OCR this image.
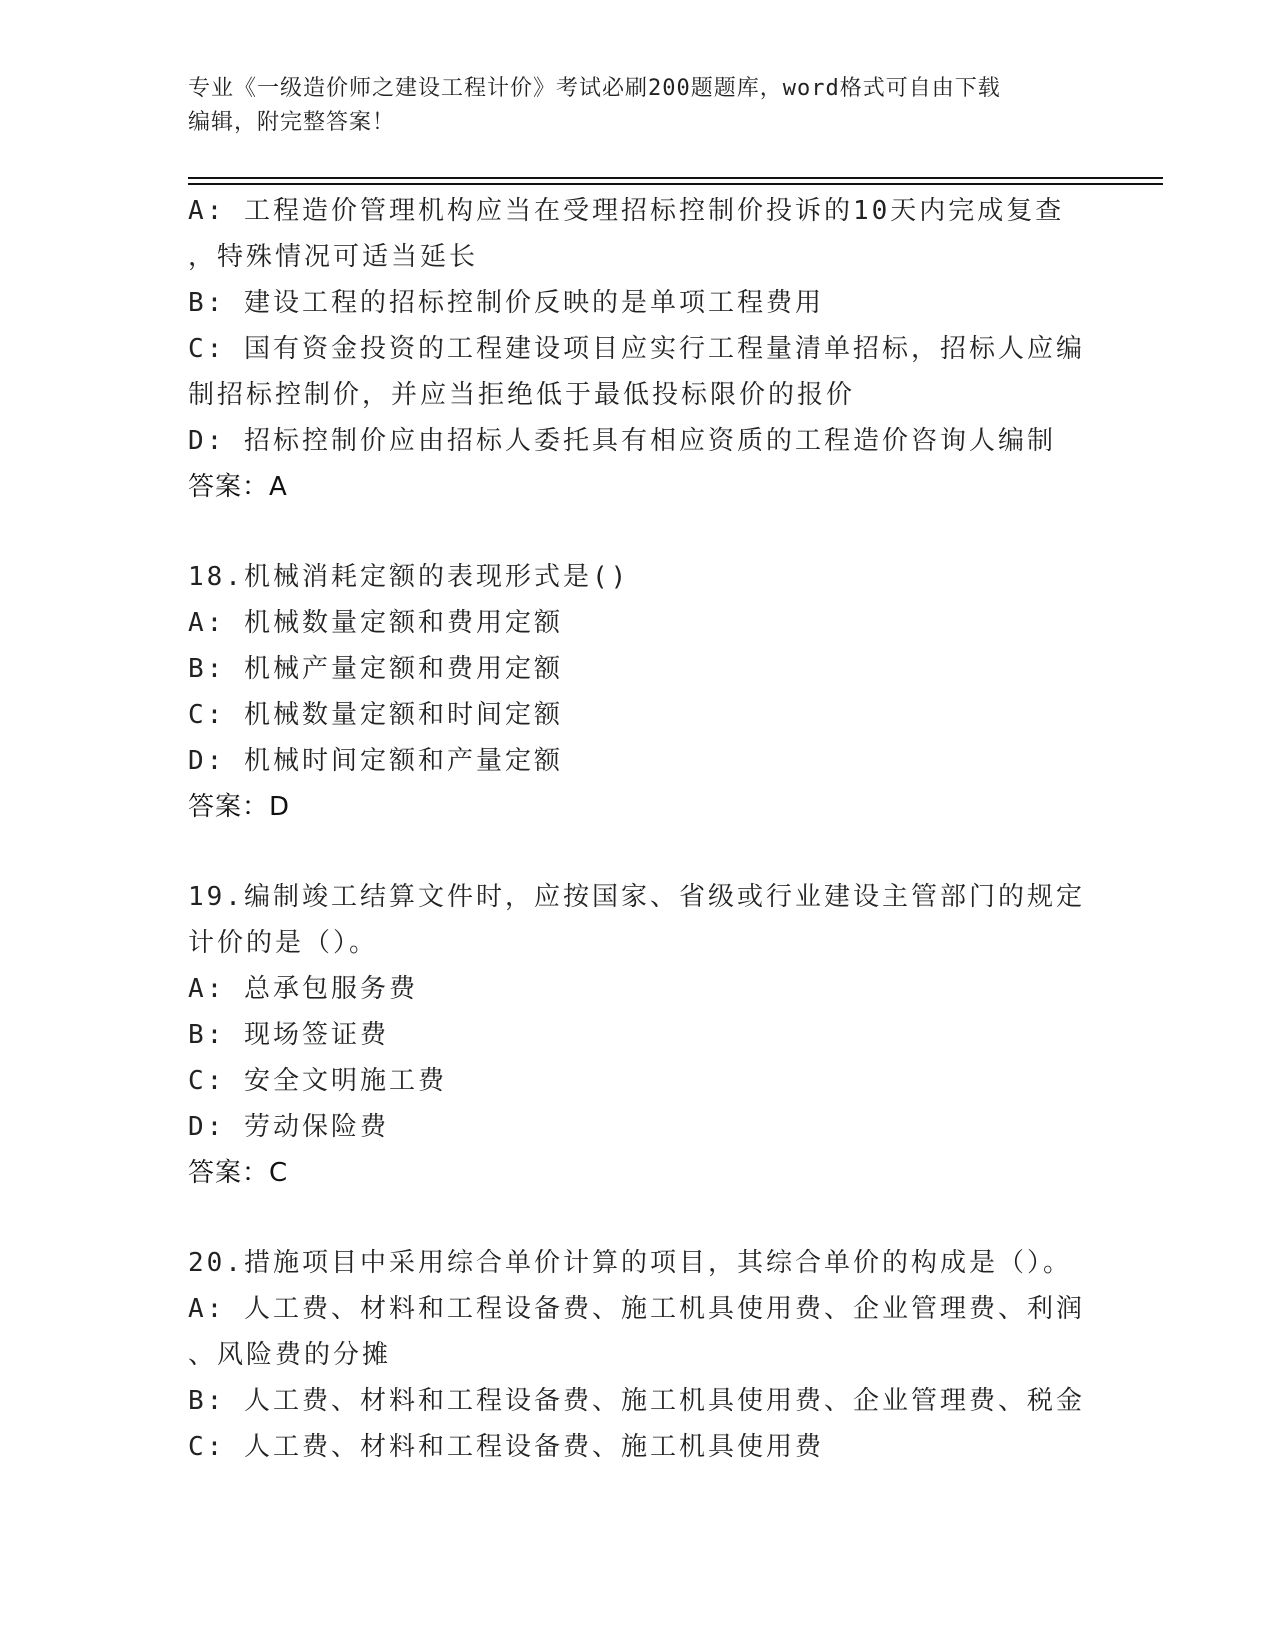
专业《一级造价师之建设工程计价》考试必刷200题题库，word格式可自由下载
编辑，附完整答案！
A: 工程造价管理机构应当在受理招标控制价投诉的10天内完成复查
，特殊情况可适当延长
B: 建设工程的招标控制价反映的是单项工程费用
C: 国有资金投资的工程建设项目应实行工程量清单招标，招标人应编
制招标控制价，并应当拒绝低于最低投标限价的报价
D: 招标控制价应由招标人委托具有相应资质的工程造价咨询人编制
答案：A
18.机械消耗定额的表现形式是()
A: 机械数量定额和费用定额
B: 机械产量定额和费用定额
C: 机械数量定额和时间定额
D: 机械时间定额和产量定额
答案：D
19.编制竣工结算文件时，应按国家、省级或行业建设主管部门的规定
计价的是（）。
A: 总承包服务费
B: 现场签证费
C: 安全文明施工费
D: 劳动保险费
答案：C
20.措施项目中采用综合单价计算的项目，其综合单价的构成是（）。
A: 人工费、材料和工程设备费、施工机具使用费、企业管理费、利润
、风险费的分摊
B: 人工费、材料和工程设备费、施工机具使用费、企业管理费、税金
C: 人工费、材料和工程设备费、施工机具使用费
